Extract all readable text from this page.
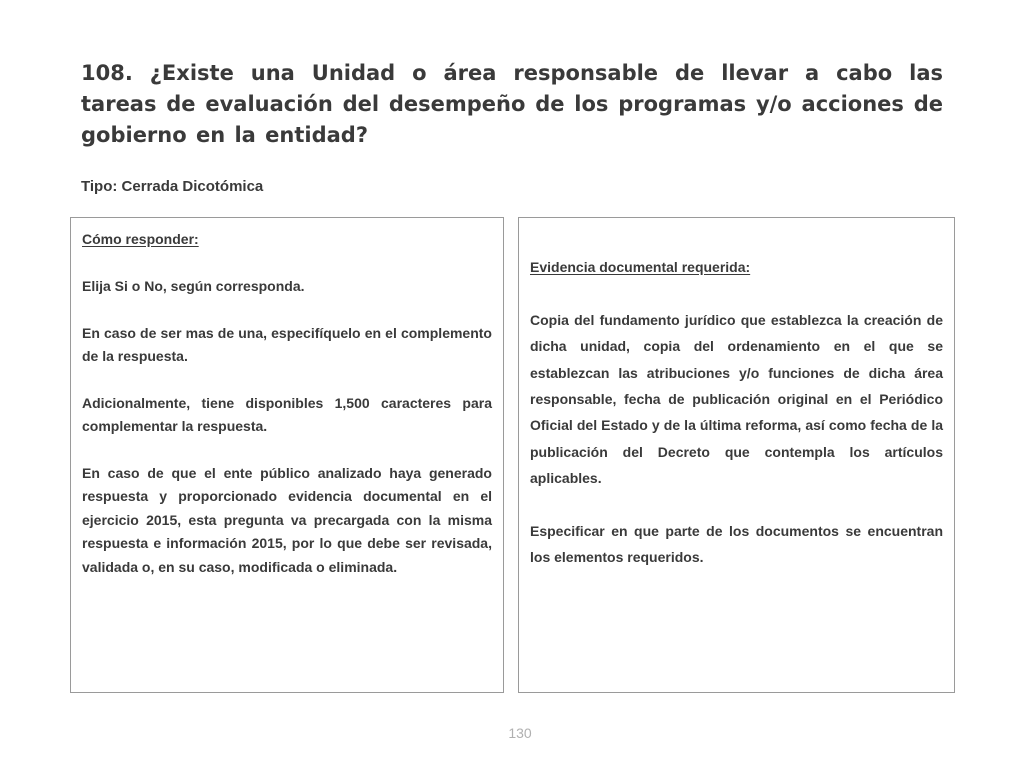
108. ¿Existe una Unidad o área responsable de llevar a cabo las tareas de evaluación del desempeño de los programas y/o acciones de gobierno en la entidad?
Tipo: Cerrada Dicotómica
Cómo responder:

Elija Si o No, según corresponda.

En caso de ser mas de una, especifíquelo en el complemento de la respuesta.

Adicionalmente, tiene disponibles 1,500 caracteres para complementar la respuesta.

En caso de que el ente público analizado haya generado respuesta y proporcionado evidencia documental en el ejercicio 2015, esta pregunta va precargada con la misma respuesta e información 2015, por lo que debe ser revisada, validada o, en su caso, modificada o eliminada.

Evidencia documental requerida:

Copia del fundamento jurídico que establezca la creación de dicha unidad, copia del ordenamiento en el que se establezcan las atribuciones y/o funciones de dicha área responsable, fecha de publicación original en el Periódico Oficial del Estado y de la última reforma, así como fecha de la publicación del Decreto que contempla los artículos aplicables.

Especificar en que parte de los documentos se encuentran los elementos requeridos.

130
